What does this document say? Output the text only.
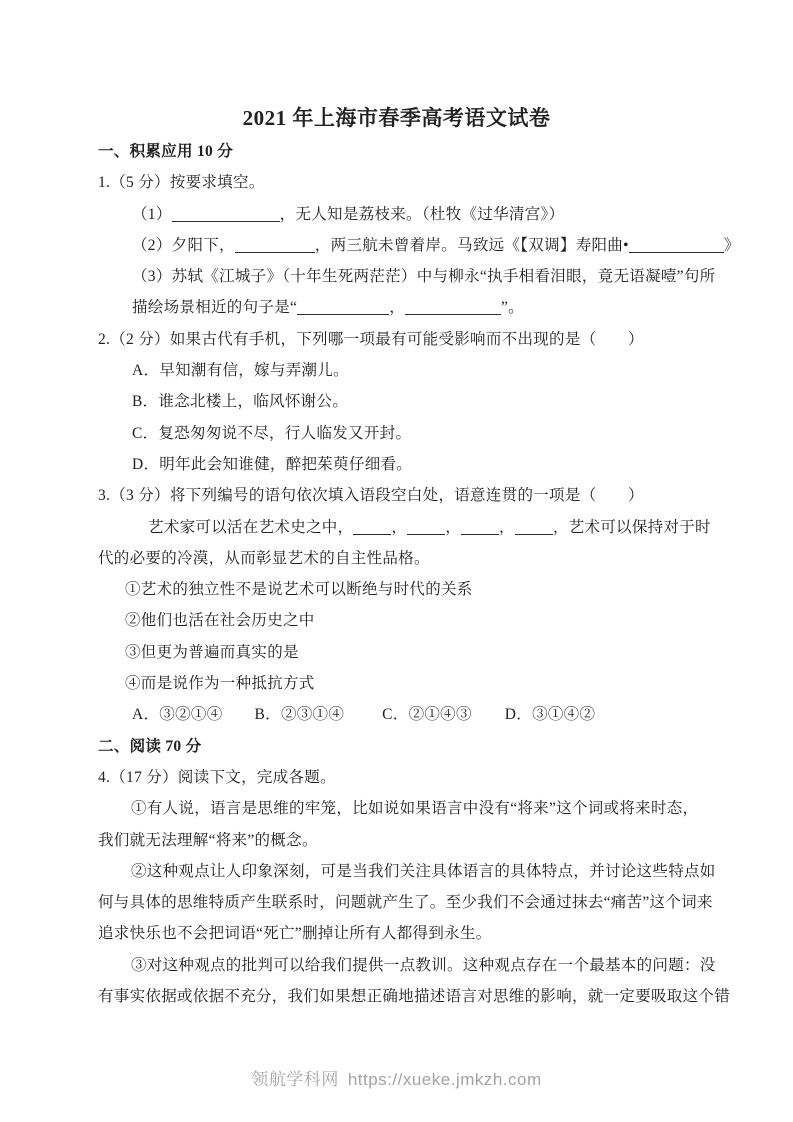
2021 年上海市春季高考语文试卷
一、积累应用 10 分
1.（5 分）按要求填空。
（1）	，无人知是荔枝来。（杜牧《过华清宫》）
（2）夕阳下，	，两三航未曾着岸。马致远《【双调】寿阳曲•	》
（3）苏轼《江城子》（十年生死两茫茫）中与柳永“执手相看泪眼，竟无语凝噎”句所
描绘场景相近的句子是“	，	”。
2.（2 分）如果古代有手机，下列哪一项最有可能受影响而不出现的是（　　）
A．早知潮有信，嫁与弄潮儿。
B．谁念北楼上，临风怀谢公。
C．复恐匆匆说不尽，行人临发又开封。
D．明年此会知谁健，醉把茱萸仔细看。
3.（3 分）将下列编号的语句依次填入语段空白处，语意连贯的一项是（　　）
艺术家可以活在艺术史之中， ， ， ， ，艺术可以保持对于时
代的必要的冷漠，从而彰显艺术的自主性品格。
①艺术的独立性不是说艺术可以断绝与时代的关系
②他们也活在社会历史之中
③但更为普遍而真实的是
④而是说作为一种抵抗方式
A．③②①④ B．②③①④ C．②①④③ D．③①④②
二、阅读 70 分
4.（17 分）阅读下文，完成各题。
①有人说，语言是思维的牢笼，比如说如果语言中没有“将来”这个词或将来时态，
我们就无法理解“将来”的概念。
②这种观点让人印象深刻，可是当我们关注具体语言的具体特点，并讨论这些特点如
何与具体的思维特质产生联系时，问题就产生了。至少我们不会通过抹去“痛苦”这个词来
追求快乐也不会把词语“死亡”删掉让所有人都得到永生。
③对这种观点的批判可以给我们提供一点教训。这种观点存在一个最基本的问题：没
有事实依据或依据不充分，我们如果想正确地描述语言对思维的影响，就一定要吸取这个错
领航学科网 https://xueke.jmkzh.com
